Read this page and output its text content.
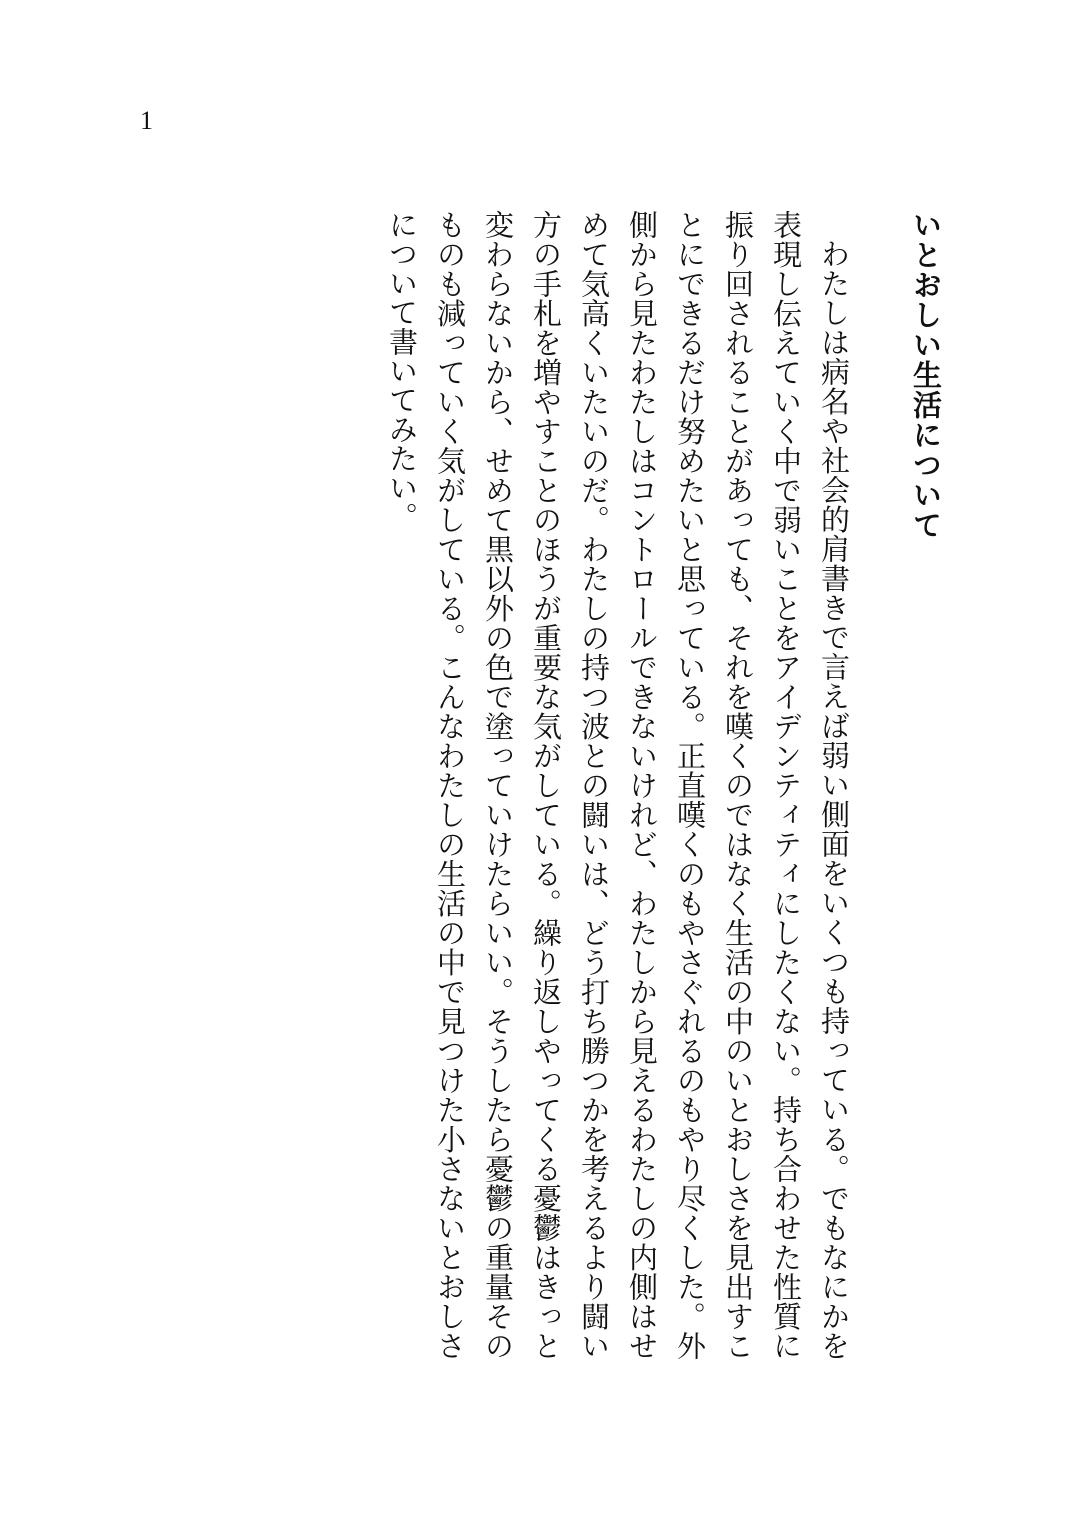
1
いとおしい生活について

わたしは病名や社会的肩書きで言えば弱い側面をいくつも持っている。でもなにかを表現し伝えていく中で弱いことをアイデンティティにしたくない。持ち合わせた性質に振り回されることがあっても、それを嘆くのではなく生活の中のいとおしさを見出すことにできるだけ努めたいと思っている。正直嘆くのもやさぐれるのもやり尽くした。外側から見たわたしはコントロールできないけれど、わたしから見えるわたしの内側はせめて気高くいたいのだ。わたしの持つ波との闘いは、どう打ち勝つかを考えるより闘い方の手札を増やすことのほうが重要な気がしている。繰り返しやってくる憂鬱はきっと変わらないから、せめて黒以外の色で塗っていけたらいい。そうしたら憂鬱の重量そのものも減っていく気がしている。こんなわたしの生活の中で見つけた小さないとおしさについて書いてみたい。
